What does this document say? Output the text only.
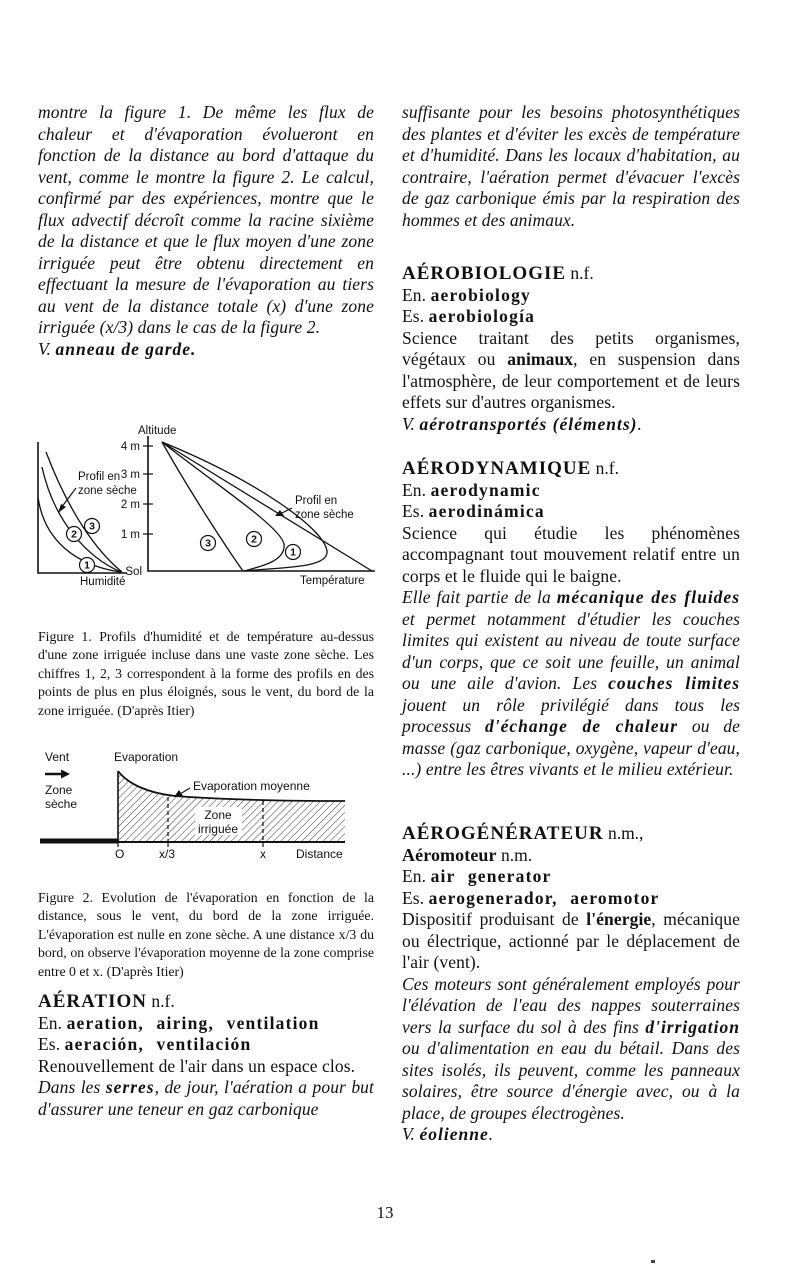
montre la figure 1. De même les flux de chaleur et d'évaporation évolueront en fonction de la distance au bord d'attaque du vent, comme le montre la figure 2. Le calcul, confirmé par des expériences, montre que le flux advectif décroît comme la racine sixième de la distance et que le flux moyen d'une zone irriguée peut être obtenu directement en effectuant la mesure de l'évaporation au tiers au vent de la distance totale (x) d'une zone irriguée (x/3) dans le cas de la figure 2.
V. anneau de garde.
Profil en
zone sèche
1
2
3
Humidité
Altitude
4 m
3 m
2 m
1 m
Sol
3	2
1
Profil en
zone sèche
Température
Figure 1. Profils d'humidité et de température au-dessus d'une zone irriguée incluse dans une vaste zone sèche. Les chiffres 1, 2, 3 correspondent à la forme des profils en des points de plus en plus éloignés, sous le vent, du bord de la zone irriguée. (D'après Itier)
Vent
Zone
sèche
Evaporation
Evaporation moyenne
Zone
irriguée
O	x/3	x	Distance
Figure 2. Evolution de l'évaporation en fonction de la distance, sous le vent, du bord de la zone irriguée. L'évaporation est nulle en zone sèche. A une distance x/3 du bord, on observe l'évaporation moyenne de la zone comprise entre 0 et x. (D'après Itier)

AÉRATION n.f.

En. aeration, airing, ventilation

Es. aeración, ventilación

Renouvellement de l'air dans un espace clos.

Dans les serres, de jour, l'aération a pour but d'assurer une teneur en gaz carbonique

suffisante pour les besoins photosynthétiques des plantes et d'éviter les excès de température et d'humidité. Dans les locaux d'habitation, au contraire, l'aération permet d'évacuer l'excès de gaz carbonique émis par la respiration des hommes et des animaux.

AÉROBIOLOGIE n.f.

En. aerobiology

Es. aerobiología

Science traitant des petits organismes, végétaux ou animaux, en suspension dans l'atmosphère, de leur comportement et de leurs effets sur d'autres organismes.

V. aérotransportés (éléments).

AÉRODYNAMIQUE n.f.

En. aerodynamic

Es. aerodinámica

Science qui étudie les phénomènes accompagnant tout mouvement relatif entre un corps et le fluide qui le baigne.

Elle fait partie de la mécanique des fluides et permet notamment d'étudier les couches limites qui existent au niveau de toute surface d'un corps, que ce soit une feuille, un animal ou une aile d'avion. Les couches limites jouent un rôle privilégié dans tous les processus d'échange de chaleur ou de masse (gaz carbonique, oxygène, vapeur d'eau, ...) entre les êtres vivants et le milieu extérieur.

AÉROGÉNÉRATEUR n.m.,

Aéromoteur n.m.

En. air generator

Es. aerogenerador, aeromotor

Dispositif produisant de l'énergie, mécanique ou électrique, actionné par le déplacement de l'air (vent).

Ces moteurs sont généralement employés pour l'élévation de l'eau des nappes souterraines vers la surface du sol à des fins d'irrigation ou d'alimentation en eau du bétail. Dans des sites isolés, ils peuvent, comme les panneaux solaires, être source d'énergie avec, ou à la place, de groupes électrogènes.

V. éolienne.

13
